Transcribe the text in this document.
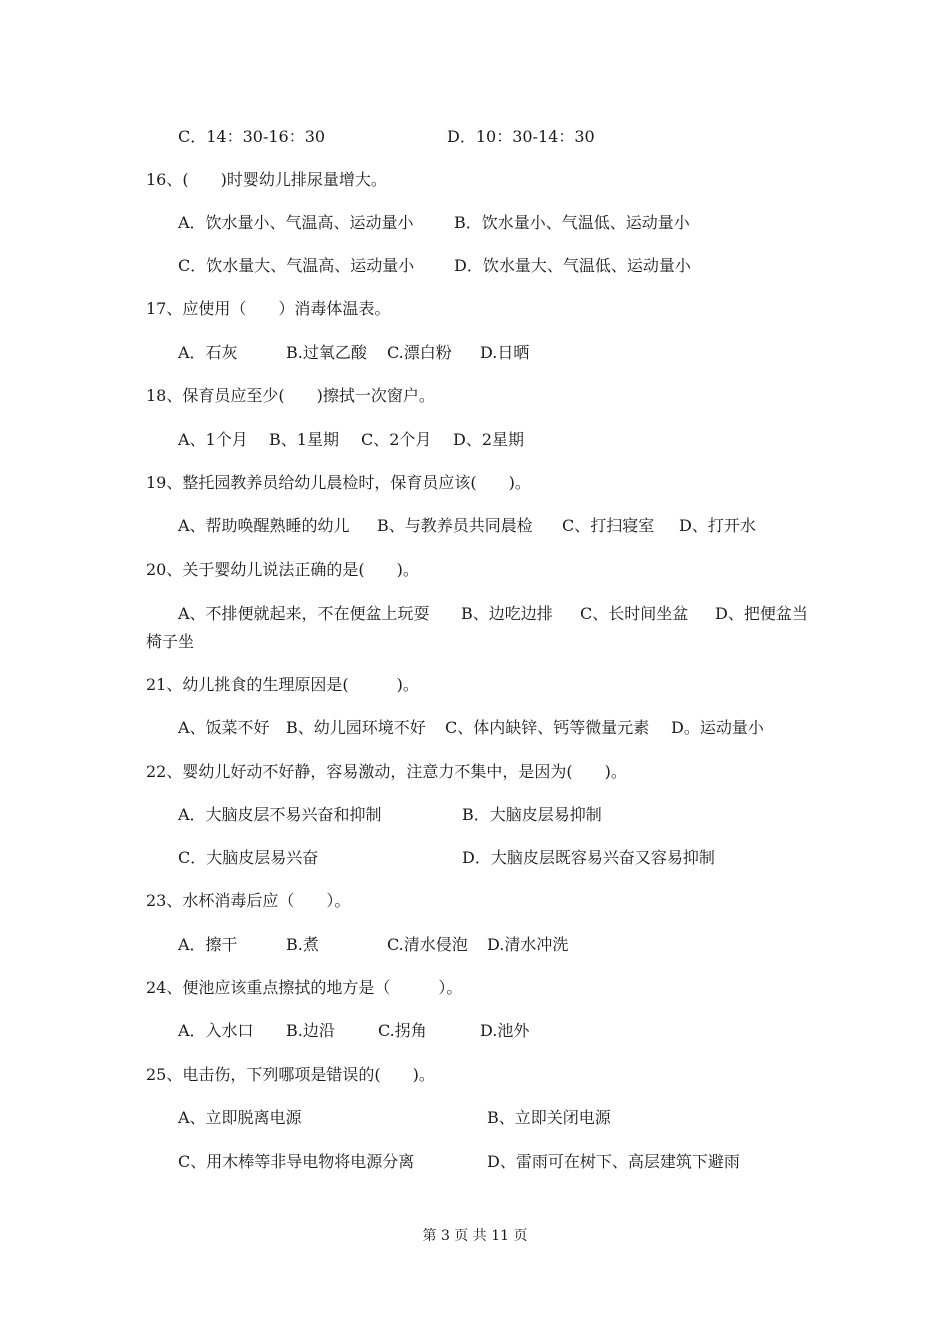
C．14：30-16：30	D．10：30-14：30
16、(　　)时婴幼儿排尿量增大。
A．饮水量小、气温高、运动量小	B．饮水量小、气温低、运动量小
C．饮水量大、气温高、运动量小 D．饮水量大、气温低、运动量小
17、应使用（　　）消毒体温表。
A．石灰	B.过氧乙酸 C.漂白粉 D.日晒
18、保育员应至少(　　)擦拭一次窗户。
A、1个月 B、1星期 C、2个月 D、2星期
19、整托园教养员给幼儿晨检时，保育员应该(　　)。
A、帮助唤醒熟睡的幼儿 B、与教养员共同晨检 C、打扫寝室 D、打开水
20、关于婴幼儿说法正确的是(　　)。
A、不排便就起来，不在便盆上玩耍 B、边吃边排 C、长时间坐盆 D、把便盆当
椅子坐
21、幼儿挑食的生理原因是(　　　)。
A、饭菜不好 B、幼儿园环境不好 C、体内缺锌、钙等微量元素 D。运动量小
22、婴幼儿好动不好静，容易激动，注意力不集中，是因为(　　)。
A．大脑皮层不易兴奋和抑制	B．大脑皮层易抑制
C．大脑皮层易兴奋	D．大脑皮层既容易兴奋又容易抑制
23、水杯消毒后应（　　）。
A．擦干	B.煮	C.清水侵泡 D.清水冲洗
24、便池应该重点擦拭的地方是（　　　）。
A．入水口 B.边沿	C.拐角	D.池外
25、电击伤，下列哪项是错误的(　　)。
A、立即脱离电源	B、立即关闭电源
C、用木棒等非导电物将电源分离	D、雷雨可在树下、高层建筑下避雨
第 3 页 共 11 页
